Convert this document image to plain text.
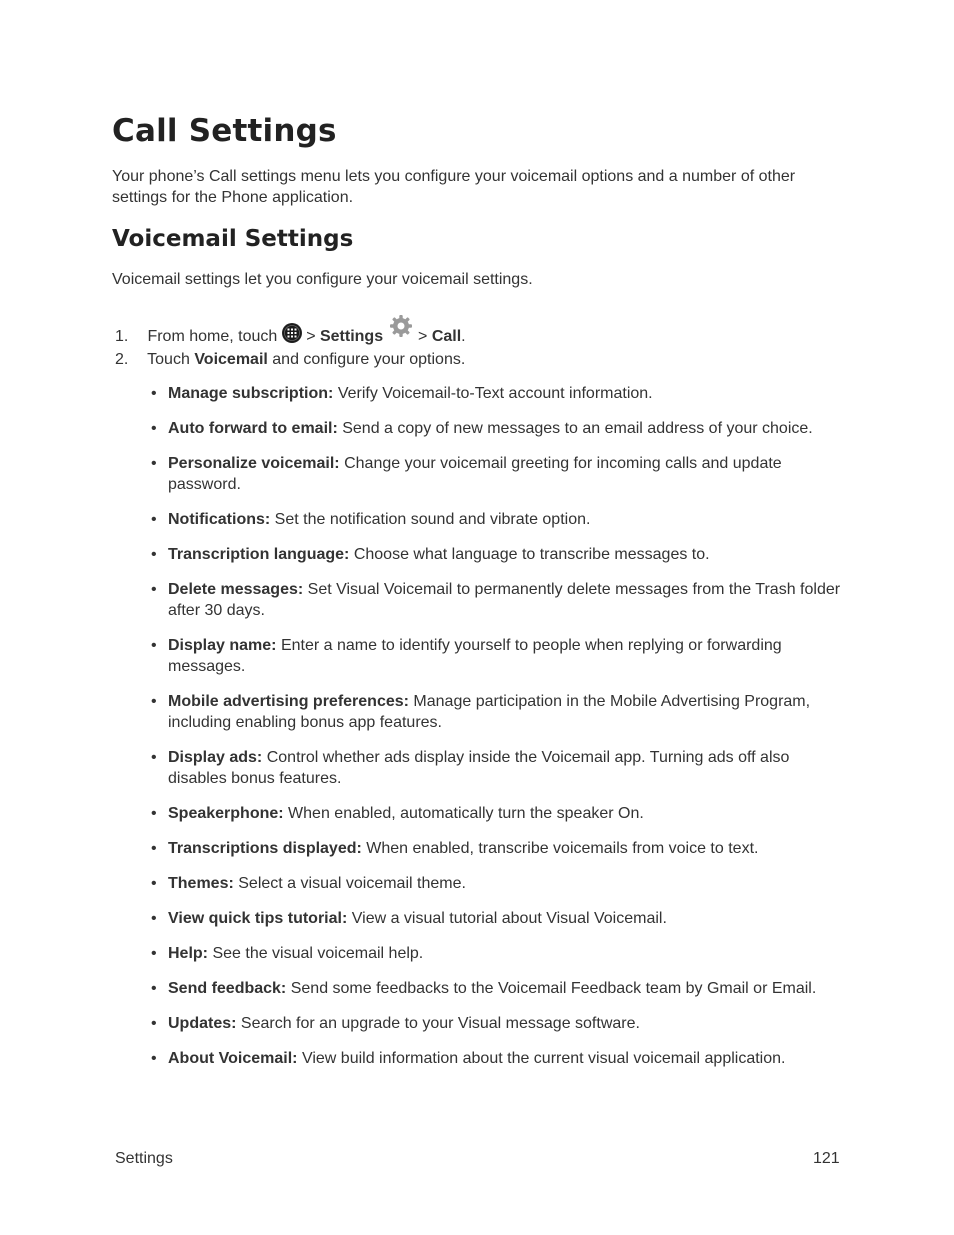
Call Settings

Your phone’s Call settings menu lets you configure your voicemail options and a number of other settings for the Phone application.

Voicemail Settings

Voicemail settings let you configure your voicemail settings.

1. From home, touch > Settings > Call.
2. Touch Voicemail and configure your options.
• Manage subscription: Verify Voicemail-to-Text account information.
• Auto forward to email: Send a copy of new messages to an email address of your choice.
• Personalize voicemail: Change your voicemail greeting for incoming calls and update password.
• Notifications: Set the notification sound and vibrate option.
• Transcription language: Choose what language to transcribe messages to.
• Delete messages: Set Visual Voicemail to permanently delete messages from the Trash folder after 30 days.
• Display name: Enter a name to identify yourself to people when replying or forwarding messages.
• Mobile advertising preferences: Manage participation in the Mobile Advertising Program, including enabling bonus app features.
• Display ads: Control whether ads display inside the Voicemail app. Turning ads off also disables bonus features.
• Speakerphone: When enabled, automatically turn the speaker On.
• Transcriptions displayed: When enabled, transcribe voicemails from voice to text.
• Themes: Select a visual voicemail theme.
• View quick tips tutorial: View a visual tutorial about Visual Voicemail.
• Help: See the visual voicemail help.
• Send feedback: Send some feedbacks to the Voicemail Feedback team by Gmail or Email.
• Updates: Search for an upgrade to your Visual message software.
• About Voicemail: View build information about the current visual voicemail application.
Settings	121
